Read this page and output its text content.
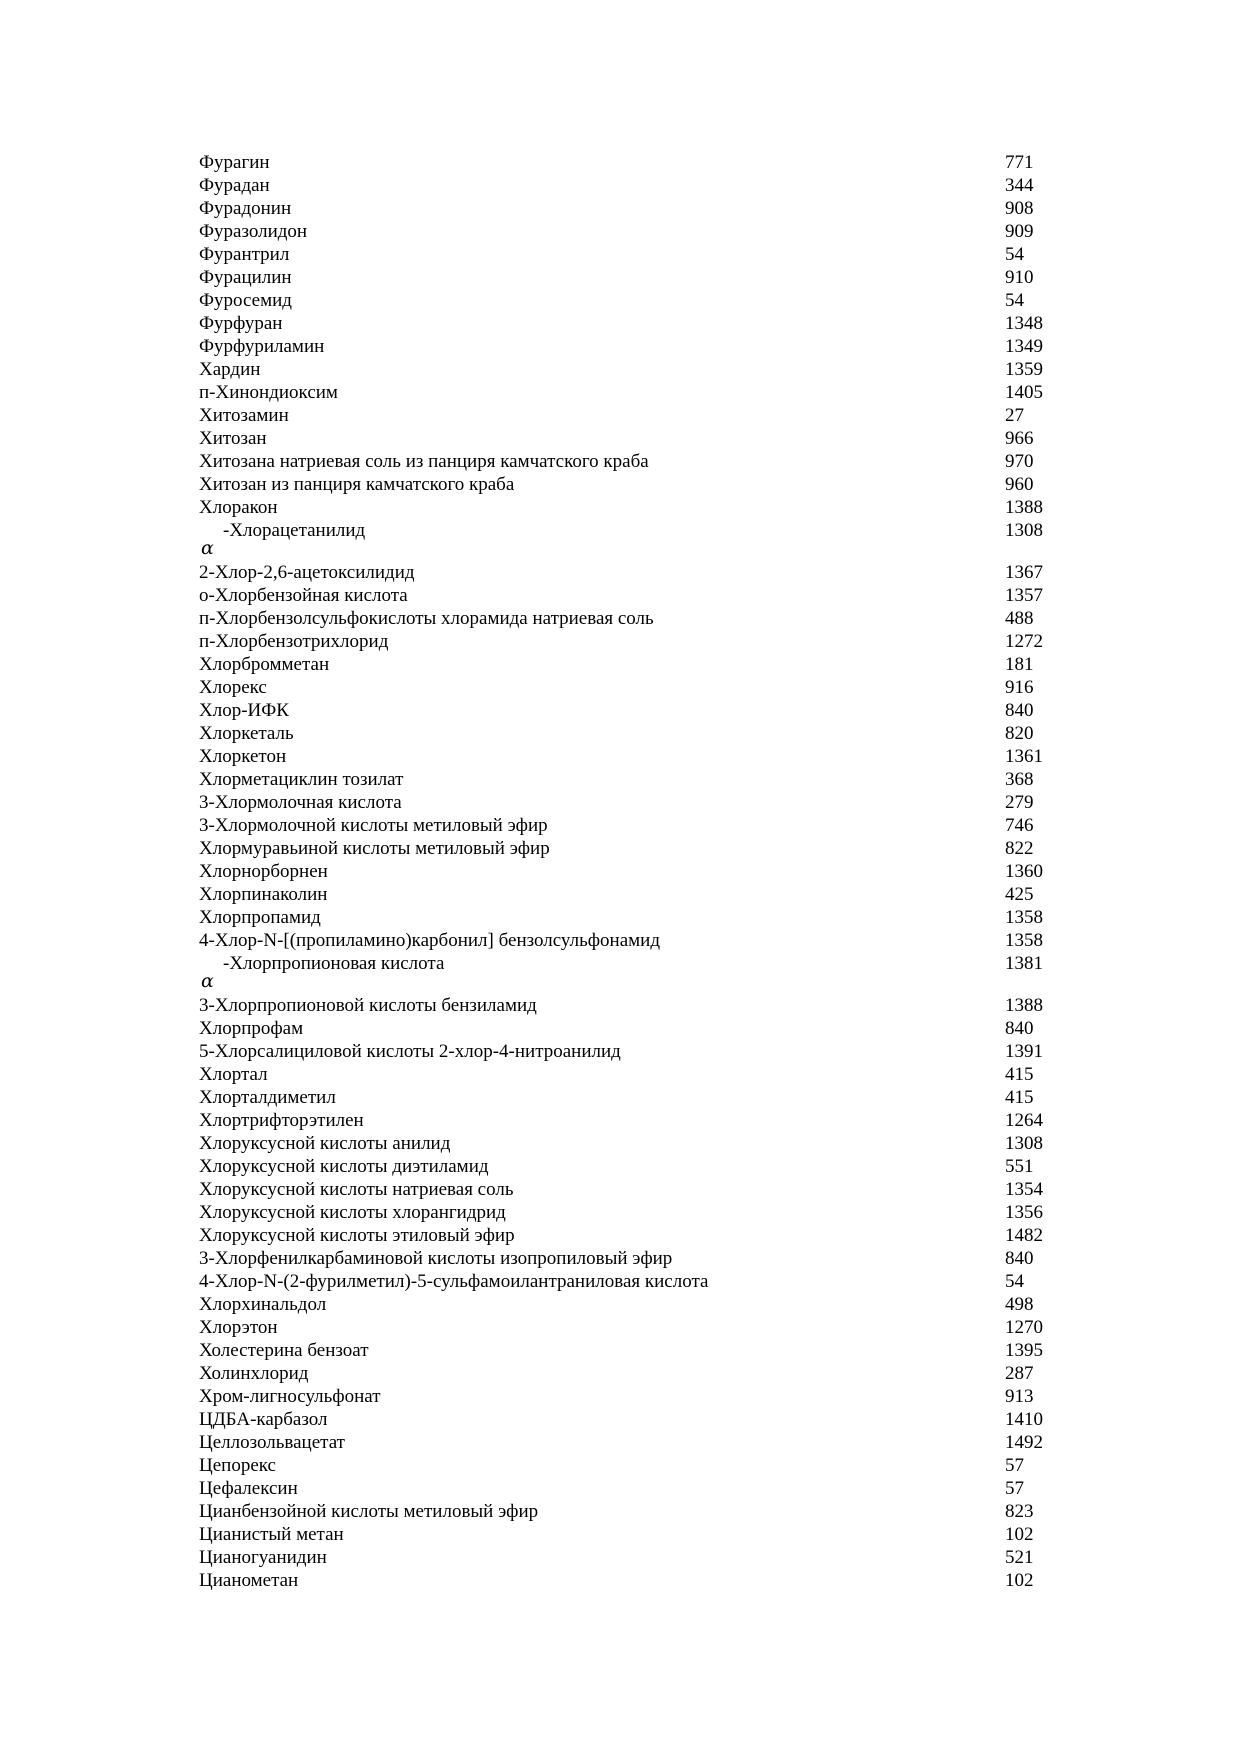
Фурагин	771
Фурадан	344
Фурадонин	908
Фуразолидон	909
Фурантрил	54
Фурацилин	910
Фуросемид	54
Фурфуран	1348
Фурфуриламин	1349
Хардин	1359
п-Хинондиоксим	1405
Хитозамин	27
Хитозан	966
Хитозана натриевая соль из панциря камчатского краба	970
Хитозан из панциря камчатского краба	960
Хлоракон	1388
-Хлорацетанилид	1308
α
2-Хлор-2,6-ацетоксилидид	1367
о-Хлорбензойная кислота	1357
п-Хлорбензолсульфокислоты хлорамида натриевая соль	488
п-Хлорбензотрихлорид	1272
Хлорбромметан	181
Хлорекс	916
Хлор-ИФК	840
Хлоркеталь	820
Хлоркетон	1361
Хлорметациклин тозилат	368
3-Хлормолочная кислота	279
3-Хлормолочной кислоты метиловый эфир	746
Хлормуравьиной кислоты метиловый эфир	822
Хлорнорборнен	1360
Хлорпинаколин	425
Хлорпропамид	1358
4-Хлор-N-[(пропиламино)карбонил] бензолсульфонамид	1358
-Хлорпропионовая кислота	1381
α
3-Хлорпропионовой кислоты бензиламид	1388
Хлорпрофам	840
5-Хлорсалициловой кислоты 2-хлор-4-нитроанилид	1391
Хлортал	415
Хлорталдиметил	415
Хлортрифторэтилен	1264
Хлоруксусной кислоты анилид	1308
Хлоруксусной кислоты диэтиламид	551
Хлоруксусной кислоты натриевая соль	1354
Хлоруксусной кислоты хлорангидрид	1356
Хлоруксусной кислоты этиловый эфир	1482
3-Хлорфенилкарбаминовой кислоты изопропиловый эфир	840
4-Хлор-N-(2-фурилметил)-5-сульфамоилантраниловая кислота	54
Хлорхинальдол	498
Хлорэтон	1270
Холестерина бензоат	1395
Холинхлорид	287
Хром-лигносульфонат	913
ЦДБА-карбазол	1410
Целлозольвацетат	1492
Цепорекс	57
Цефалексин	57
Цианбензойной кислоты метиловый эфир	823
Цианистый метан	102
Цианогуанидин	521
Цианометан	102
